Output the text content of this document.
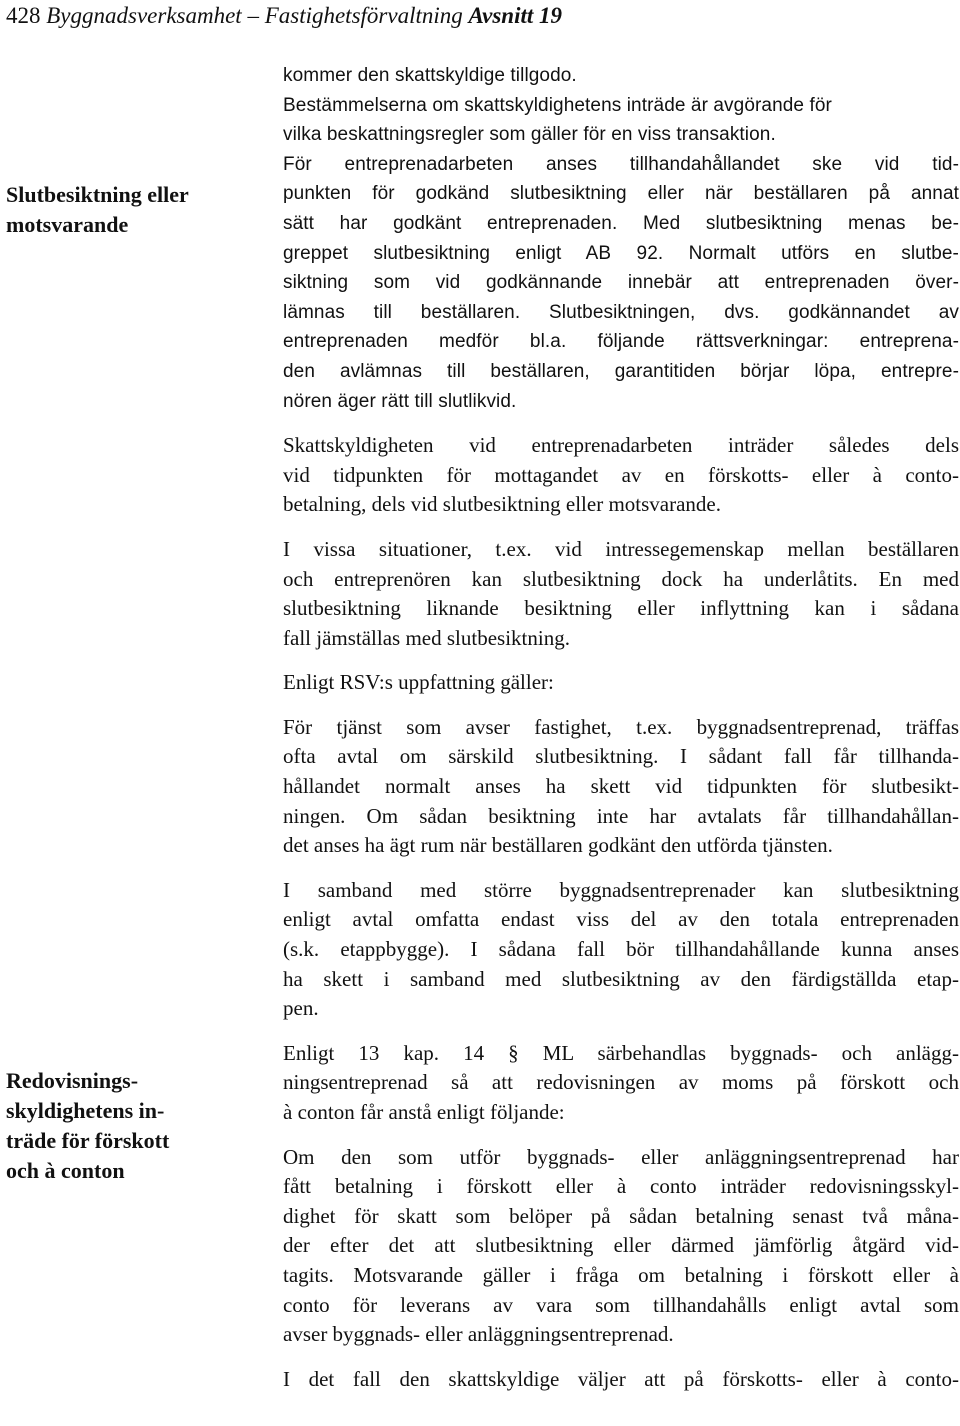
428 Byggnadsverksamhet – Fastighetsförvaltning Avsnitt 19
Slutbesiktning eller
motsvarande
Redovisnings-
skyldighetens in-
träde för förskott
och à conton

kommer den skattskyldige tillgodo.
Bestämmelserna om skattskyldighetens inträde är avgörande för
vilka beskattningsregler som gäller för en viss transaktion.

För entreprenadarbeten anses tillhandahållandet ske vid tid-
punkten för godkänd slutbesiktning eller när beställaren på annat
sätt har godkänt entreprenaden. Med slutbesiktning menas be-
greppet slutbesiktning enligt AB 92. Normalt utförs en slutbe-
siktning som vid godkännande innebär att entreprenaden över-
lämnas till beställaren. Slutbesiktningen, dvs. godkännandet av
entreprenaden medför bl.a. följande rättsverkningar: entreprena-
den avlämnas till beställaren, garantitiden börjar löpa, entrepre-
nören äger rätt till slutlikvid.

Skattskyldigheten vid entreprenadarbeten inträder således dels
vid tidpunkten för mottagandet av en förskotts- eller à conto-
betalning, dels vid slutbesiktning eller motsvarande.

I vissa situationer, t.ex. vid intressegemenskap mellan beställaren
och entreprenören kan slutbesiktning dock ha underlåtits. En med
slutbesiktning liknande besiktning eller inflyttning kan i sådana
fall jämställas med slutbesiktning.

Enligt RSV:s uppfattning gäller:

För tjänst som avser fastighet, t.ex. byggnadsentreprenad, träffas
ofta avtal om särskild slutbesiktning. I sådant fall får tillhanda-
hållandet normalt anses ha skett vid tidpunkten för slutbesikt-
ningen. Om sådan besiktning inte har avtalats får tillhandahållan-
det anses ha ägt rum när beställaren godkänt den utförda tjänsten.

I samband med större byggnadsentreprenader kan slutbesiktning
enligt avtal omfatta endast viss del av den totala entreprenaden
(s.k. etappbygge). I sådana fall bör tillhandahållande kunna anses
ha skett i samband med slutbesiktning av den färdigställda etap-
pen.

Enligt 13 kap. 14 § ML särbehandlas byggnads- och anlägg-
ningsentreprenad så att redovisningen av moms på förskott och
à conton får anstå enligt följande:

Om den som utför byggnads- eller anläggningsentreprenad har
fått betalning i förskott eller à conto inträder redovisningsskyl-
dighet för skatt som belöper på sådan betalning senast två måna-
der efter det att slutbesiktning eller därmed jämförlig åtgärd vid-
tagits. Motsvarande gäller i fråga om betalning i förskott eller à
conto för leverans av vara som tillhandahålls enligt avtal som
avser byggnads- eller anläggningsentreprenad.

I det fall den skattskyldige väljer att på förskotts- eller à conto-
